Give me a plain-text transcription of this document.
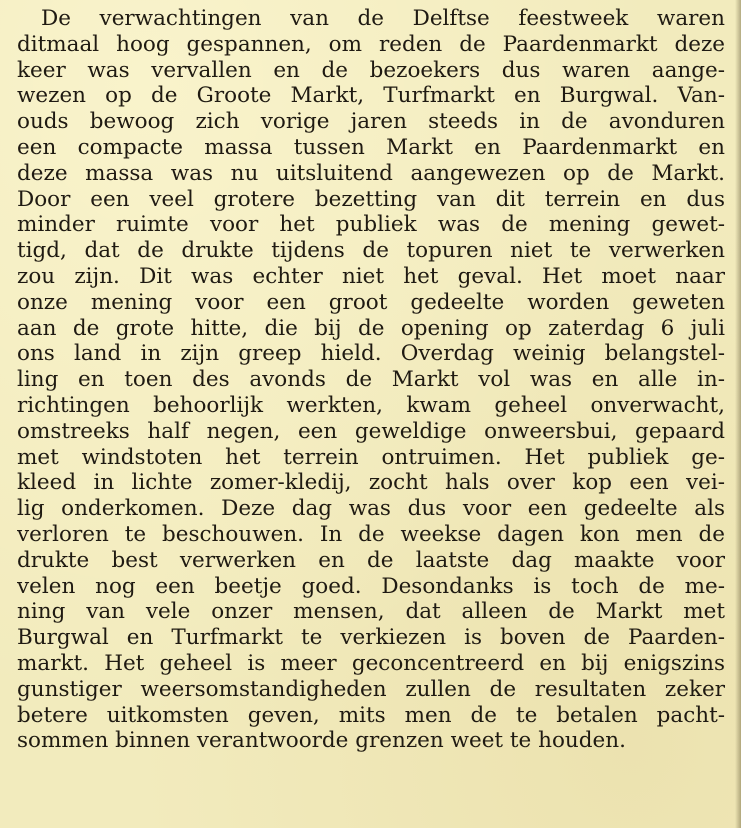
De verwachtingen van de Delftse feestweek waren
ditmaal hoog gespannen, om reden de Paardenmarkt deze
keer was vervallen en de bezoekers dus waren aange-
wezen op de Groote Markt, Turfmarkt en Burgwal. Van-
ouds bewoog zich vorige jaren steeds in de avonduren
een compacte massa tussen Markt en Paardenmarkt en
deze massa was nu uitsluitend aangewezen op de Markt.
Door een veel grotere bezetting van dit terrein en dus
minder ruimte voor het publiek was de mening gewet-
tigd, dat de drukte tijdens de topuren niet te verwerken
zou zijn. Dit was echter niet het geval. Het moet naar
onze mening voor een groot gedeelte worden geweten
aan de grote hitte, die bij de opening op zaterdag 6 juli
ons land in zijn greep hield. Overdag weinig belangstel-
ling en toen des avonds de Markt vol was en alle in-
richtingen behoorlijk werkten, kwam geheel onverwacht,
omstreeks half negen, een geweldige onweersbui, gepaard
met windstoten het terrein ontruimen. Het publiek ge-
kleed in lichte zomer-kledij, zocht hals over kop een vei-
lig onderkomen. Deze dag was dus voor een gedeelte als
verloren te beschouwen. In de weekse dagen kon men de
drukte best verwerken en de laatste dag maakte voor
velen nog een beetje goed. Desondanks is toch de me-
ning van vele onzer mensen, dat alleen de Markt met
Burgwal en Turfmarkt te verkiezen is boven de Paarden-
markt. Het geheel is meer geconcentreerd en bij enigszins
gunstiger weersomstandigheden zullen de resultaten zeker
betere uitkomsten geven, mits men de te betalen pacht-
sommen binnen verantwoorde grenzen weet te houden.
